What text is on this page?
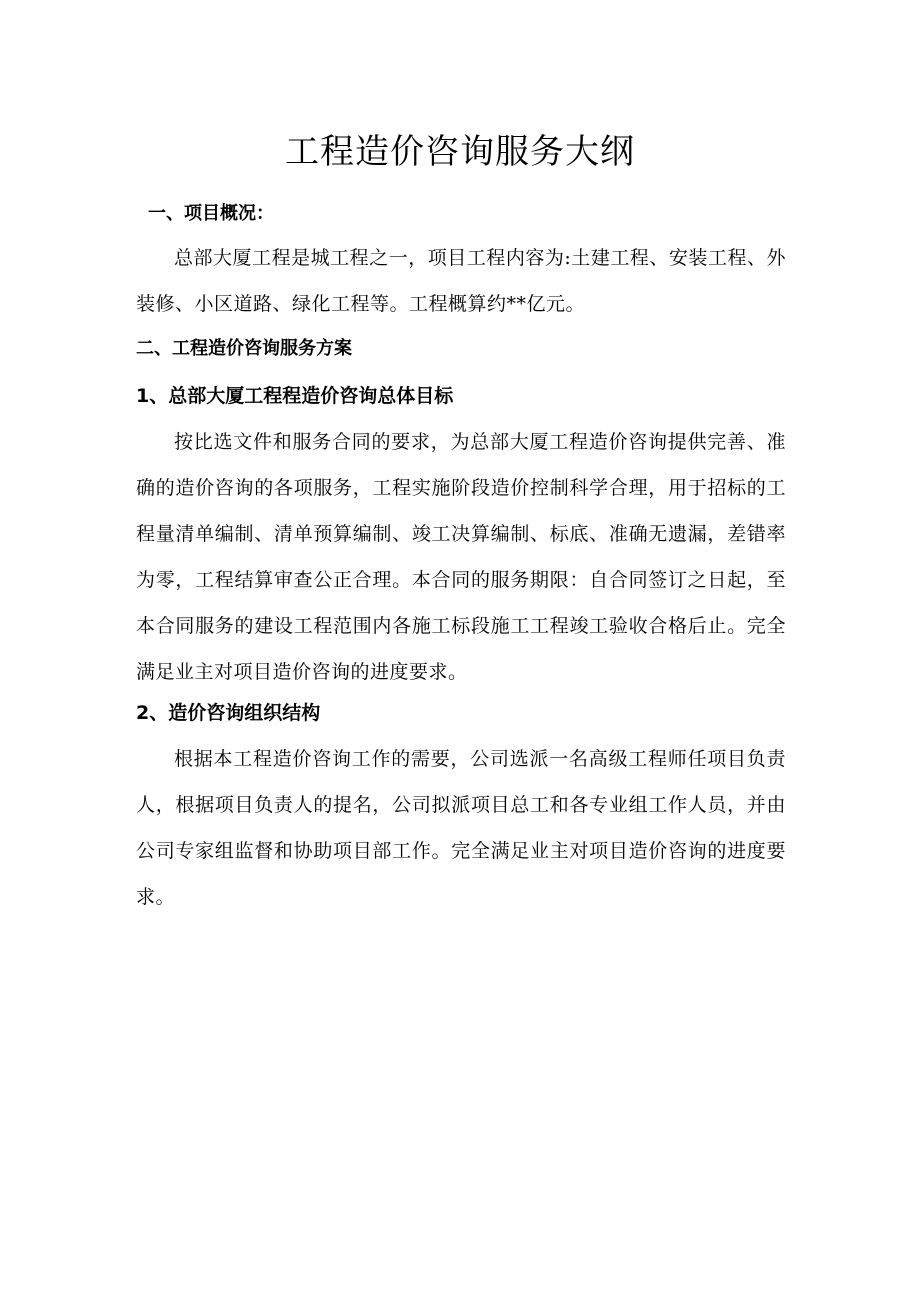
工程造价咨询服务大纲
一、项目概况：

总部大厦工程是城工程之一，项目工程内容为:土建工程、安装工程、外装修、小区道路、绿化工程等。工程概算约**亿元。

二、工程造价咨询服务方案
1、总部大厦工程程造价咨询总体目标

按比选文件和服务合同的要求，为总部大厦工程造价咨询提供完善、准确的造价咨询的各项服务，工程实施阶段造价控制科学合理，用于招标的工程量清单编制、清单预算编制、竣工决算编制、标底、准确无遗漏，差错率为零，工程结算审查公正合理。本合同的服务期限：自合同签订之日起，至本合同服务的建设工程范围内各施工标段施工工程竣工验收合格后止。完全满足业主对项目造价咨询的进度要求。

2、造价咨询组织结构

根据本工程造价咨询工作的需要，公司选派一名高级工程师任项目负责人，根据项目负责人的提名，公司拟派项目总工和各专业组工作人员，并由公司专家组监督和协助项目部工作。完全满足业主对项目造价咨询的进度要求。
